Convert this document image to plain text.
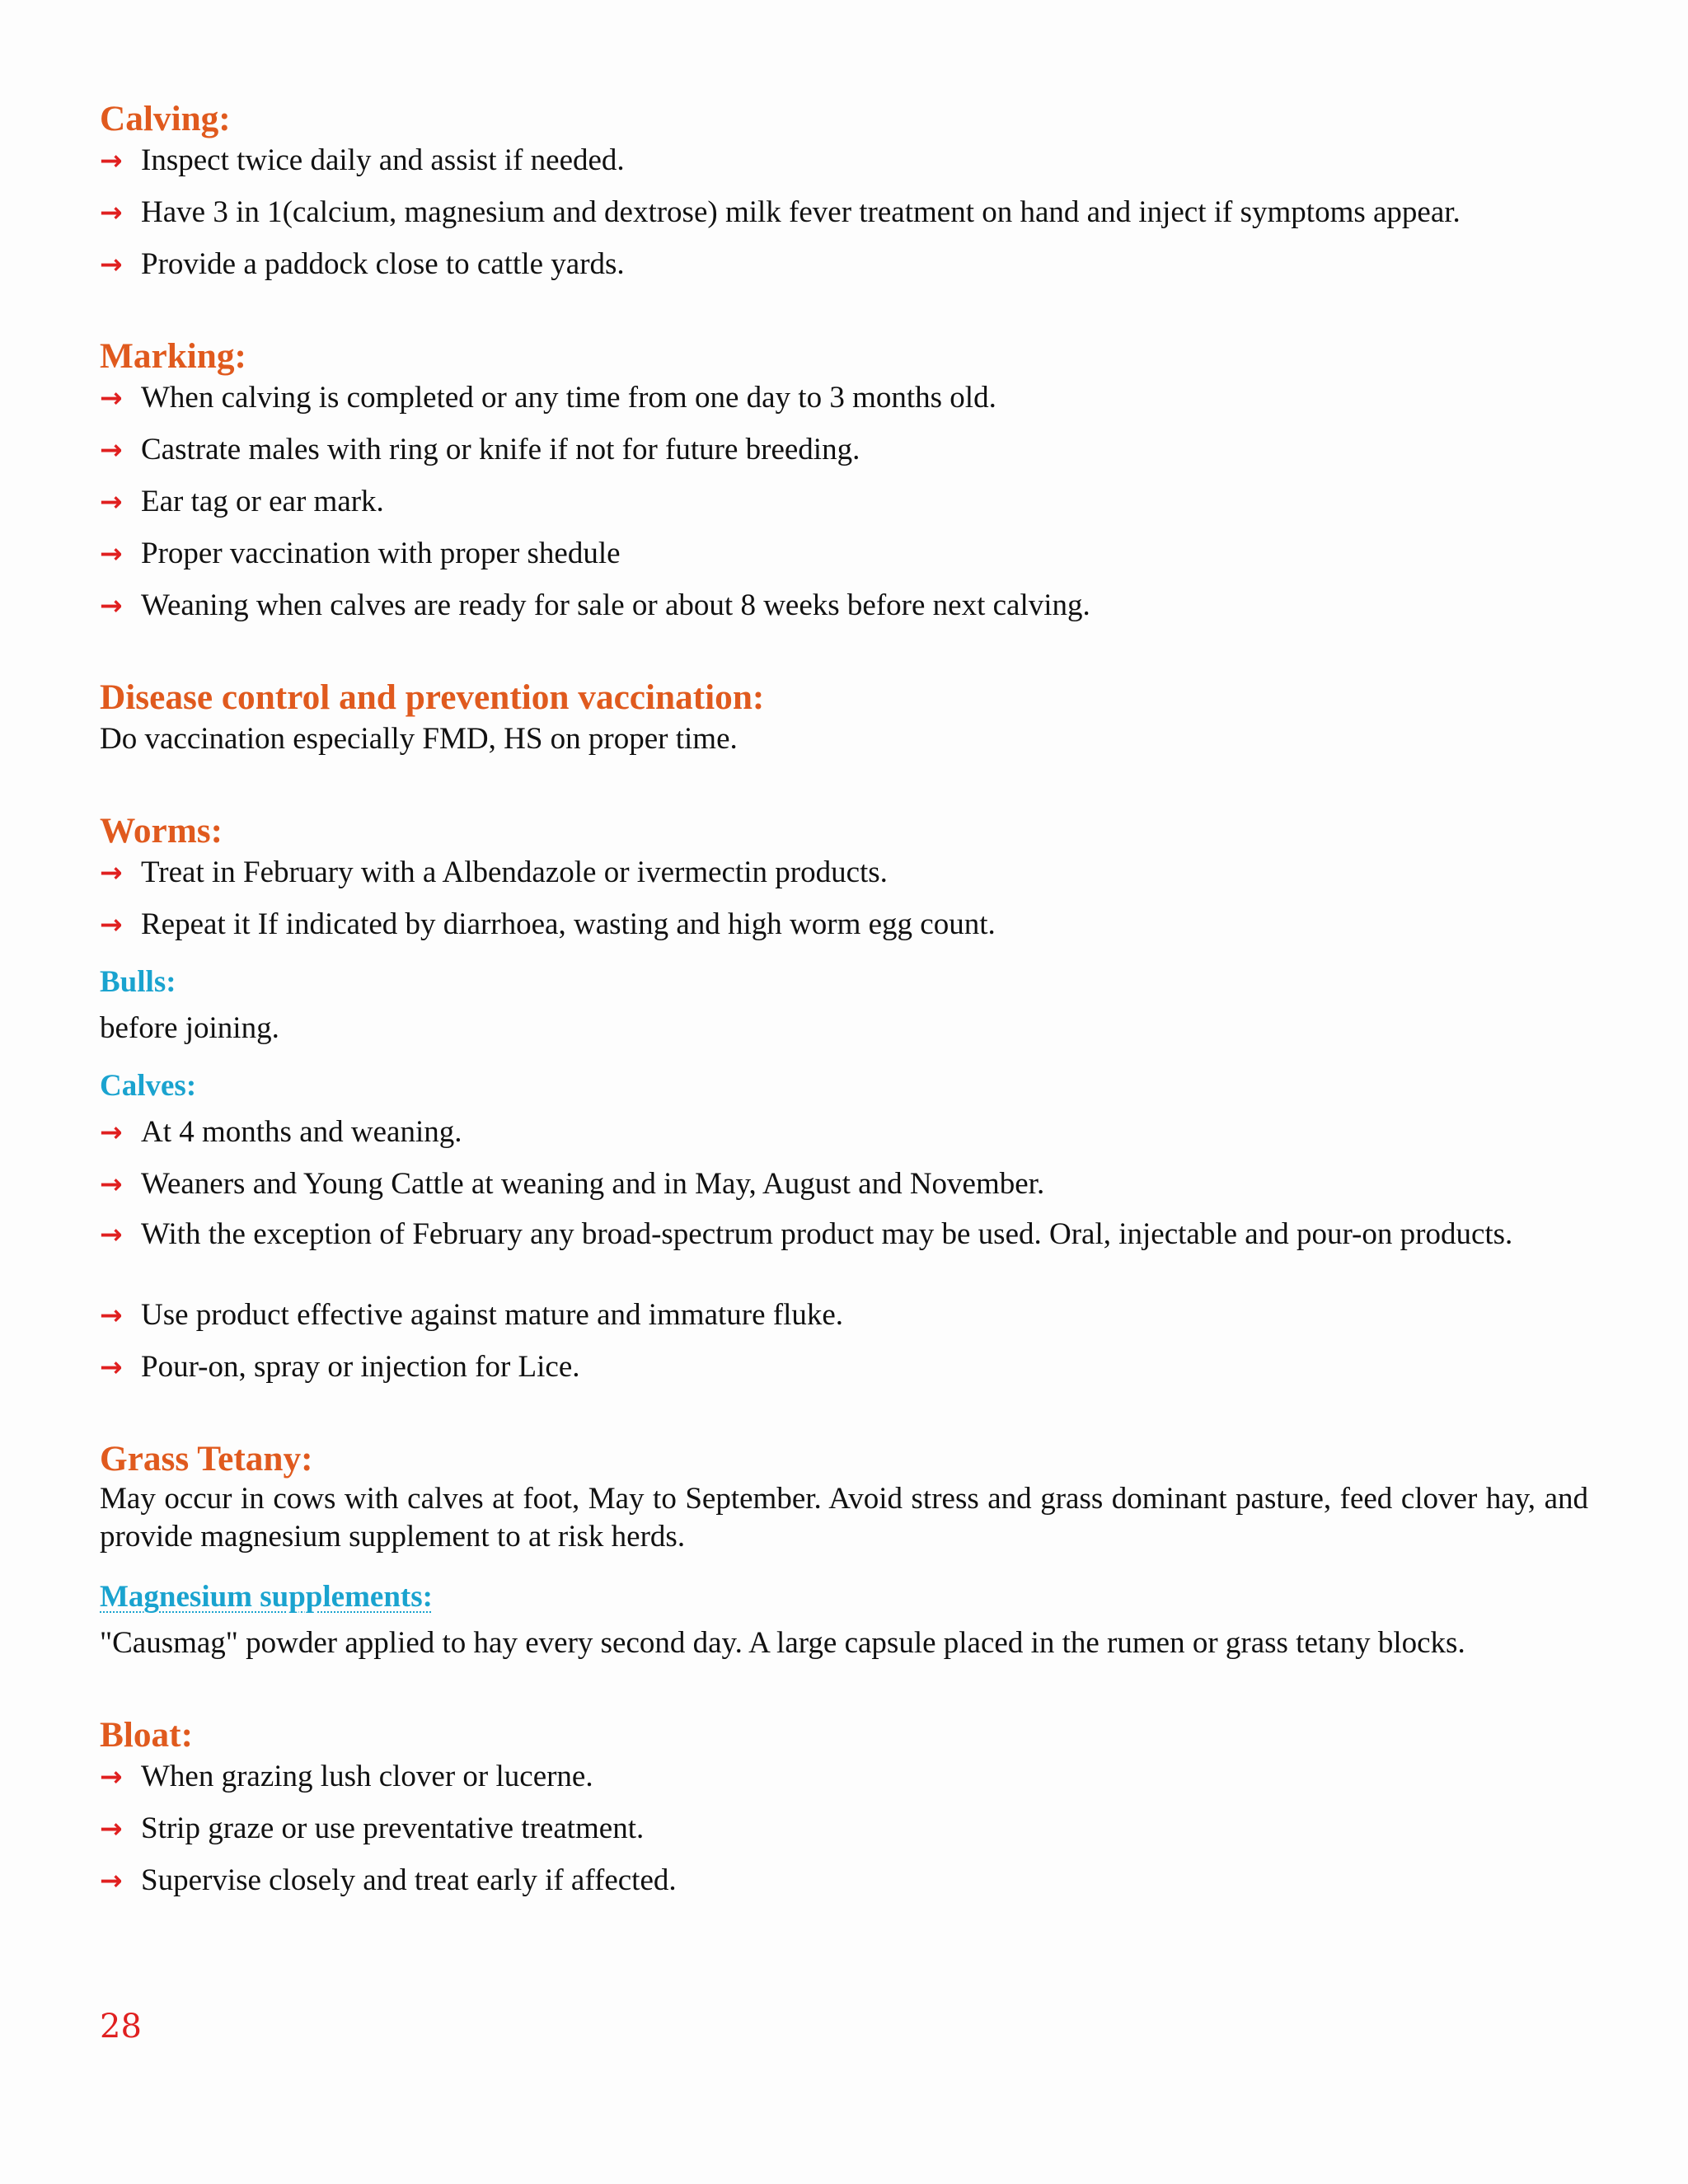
Calving:
→ Inspect twice daily and assist if needed.
→ Have 3 in 1(calcium, magnesium and dextrose) milk fever treatment on hand and inject if symptoms appear.
→ Provide a paddock close to cattle yards.
Marking:
→ When calving is completed or any time from one day to 3 months old.
→ Castrate males with ring or knife if not for future breeding.
→ Ear tag or ear mark.
→ Proper vaccination with proper shedule
→ Weaning when calves are ready for sale or about 8 weeks before next calving.
Disease control and prevention vaccination:

Do vaccination especially FMD, HS on proper time.

Worms:
→ Treat in February with a Albendazole or ivermectin products.
→ Repeat it If indicated by diarrhoea, wasting and high worm egg count.
Bulls:

before joining.

Calves:
→ At 4 months and weaning.
→ Weaners and Young Cattle at weaning and in May, August and November.
→ With the exception of February any broad-spectrum product may be used. Oral, injectable and pour-on products.
→ Use product effective against mature and immature fluke.
→ Pour-on, spray or injection for Lice.
Grass Tetany:

May occur in cows with calves at foot, May to September. Avoid stress and grass dominant pasture, feed clover hay, and provide magnesium supplement to at risk herds.

Magnesium supplements:

"Causmag" powder applied to hay every second day. A large capsule placed in the rumen or grass tetany blocks.

Bloat:
→ When grazing lush clover or lucerne.
→ Strip graze or use preventative treatment.
→ Supervise closely and treat early if affected.
28
